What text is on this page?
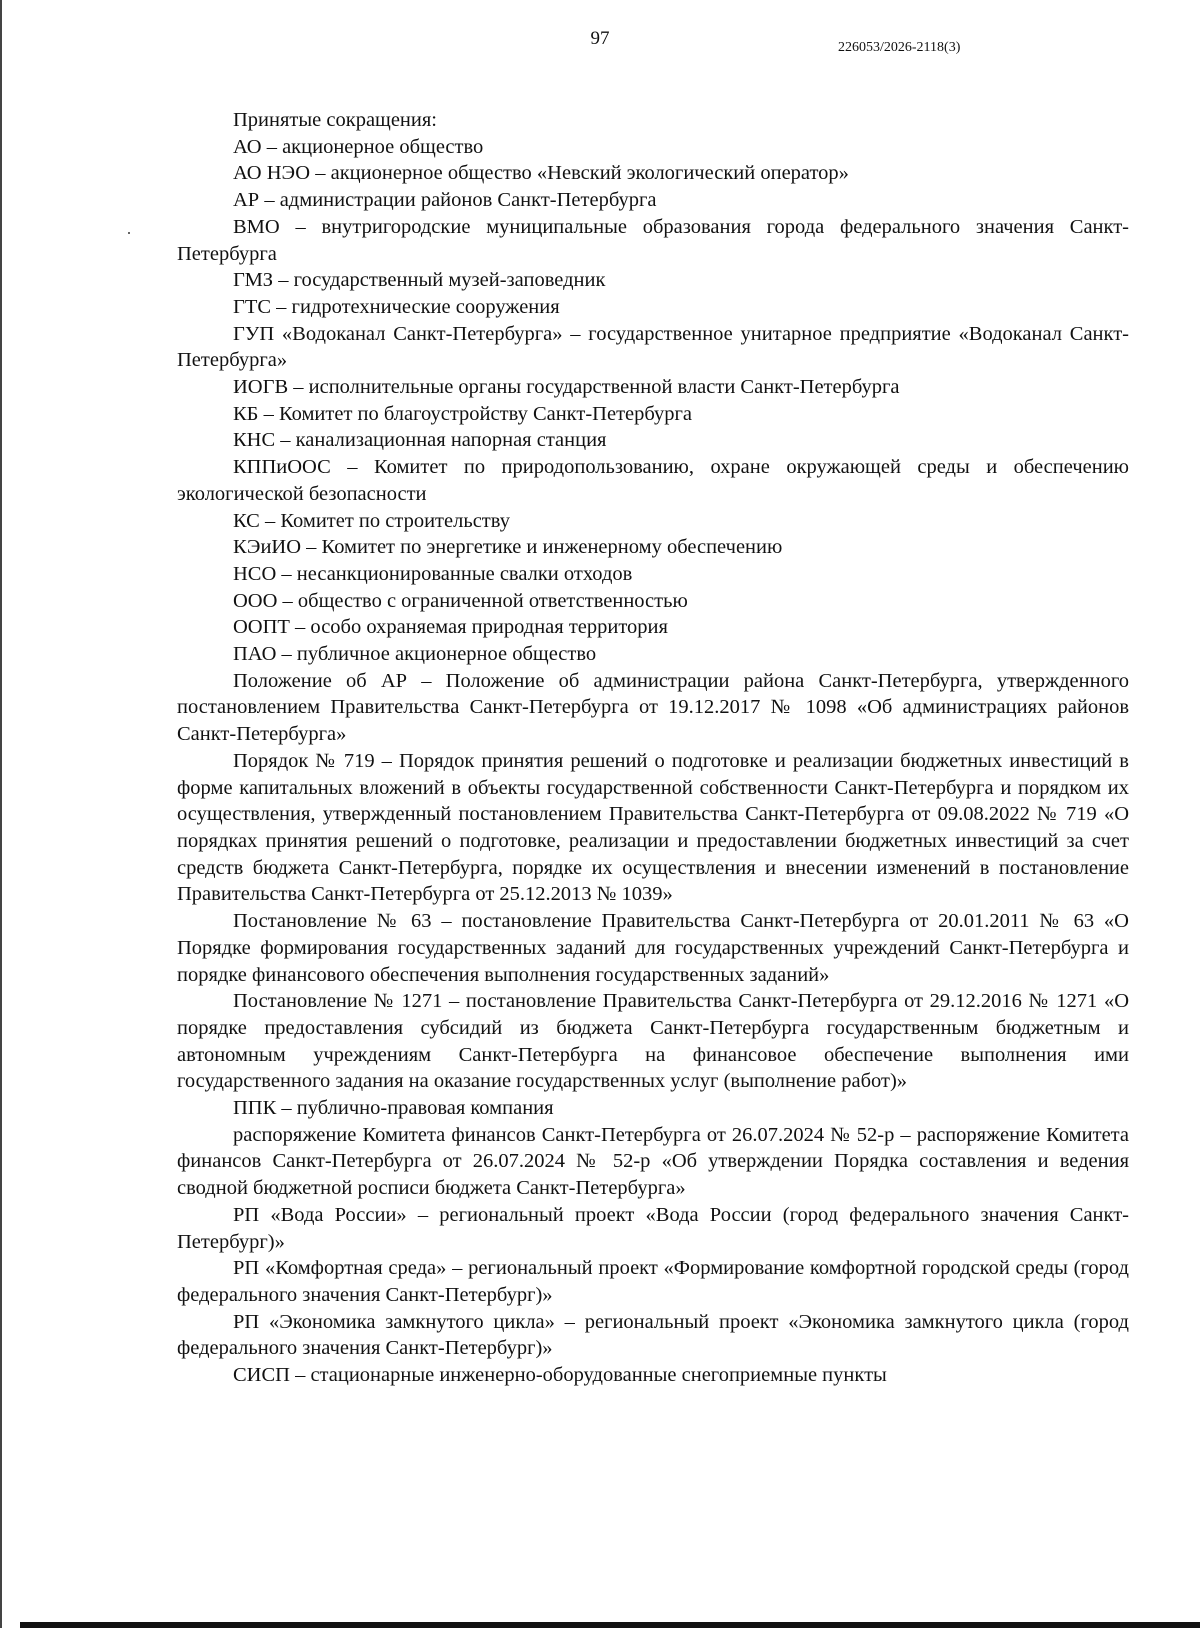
97	226053/2026-2118(3)

Принятые сокращения:

АО – акционерное общество
АО НЭО – акционерное общество «Невский экологический оператор»
АР – администрации районов Санкт-Петербурга
ВМО – внутригородские муниципальные образования города федерального значения Санкт-Петербурга
ГМЗ – государственный музей-заповедник
ГТС – гидротехнические сооружения
ГУП «Водоканал Санкт-Петербурга» – государственное унитарное предприятие «Водоканал Санкт-Петербурга»
ИОГВ – исполнительные органы государственной власти Санкт-Петербурга
КБ – Комитет по благоустройству Санкт-Петербурга
КНС – канализационная напорная станция
КППиООС – Комитет по природопользованию, охране окружающей среды и обеспечению экологической безопасности
КС – Комитет по строительству
КЭиИО – Комитет по энергетике и инженерному обеспечению
НСО – несанкционированные свалки отходов
ООО – общество с ограниченной ответственностью
ООПТ – особо охраняемая природная территория
ПАО – публичное акционерное общество
Положение об АР – Положение об администрации района Санкт-Петербурга, утвержденного постановлением Правительства Санкт-Петербурга от 19.12.2017 № 1098 «Об администрациях районов Санкт-Петербурга»
Порядок № 719 – Порядок принятия решений о подготовке и реализации бюджетных инвестиций в форме капитальных вложений в объекты государственной собственности Санкт-Петербурга и порядком их осуществления, утвержденный постановлением Правительства Санкт-Петербурга от 09.08.2022 № 719 «О порядках принятия решений о подготовке, реализации и предоставлении бюджетных инвестиций за счет средств бюджета Санкт-Петербурга, порядке их осуществления и внесении изменений в постановление Правительства Санкт-Петербурга от 25.12.2013 № 1039»
Постановление № 63 – постановление Правительства Санкт-Петербурга от 20.01.2011 № 63 «О Порядке формирования государственных заданий для государственных учреждений Санкт-Петербурга и порядке финансового обеспечения выполнения государственных заданий»
Постановление № 1271 – постановление Правительства Санкт-Петербурга от 29.12.2016 № 1271 «О порядке предоставления субсидий из бюджета Санкт-Петербурга государственным бюджетным и автономным учреждениям Санкт-Петербурга на финансовое обеспечение выполнения ими государственного задания на оказание государственных услуг (выполнение работ)»
ППК – публично-правовая компания
распоряжение Комитета финансов Санкт-Петербурга от 26.07.2024 № 52-р – распоряжение Комитета финансов Санкт-Петербурга от 26.07.2024 № 52-р «Об утверждении Порядка составления и ведения сводной бюджетной росписи бюджета Санкт-Петербурга»
РП «Вода России» – региональный проект «Вода России (город федерального значения Санкт-Петербург)»
РП «Комфортная среда» – региональный проект «Формирование комфортной городской среды (город федерального значения Санкт-Петербург)»
РП «Экономика замкнутого цикла» – региональный проект «Экономика замкнутого цикла (город федерального значения Санкт-Петербург)»
СИСП – стационарные инженерно-оборудованные снегоприемные пункты
